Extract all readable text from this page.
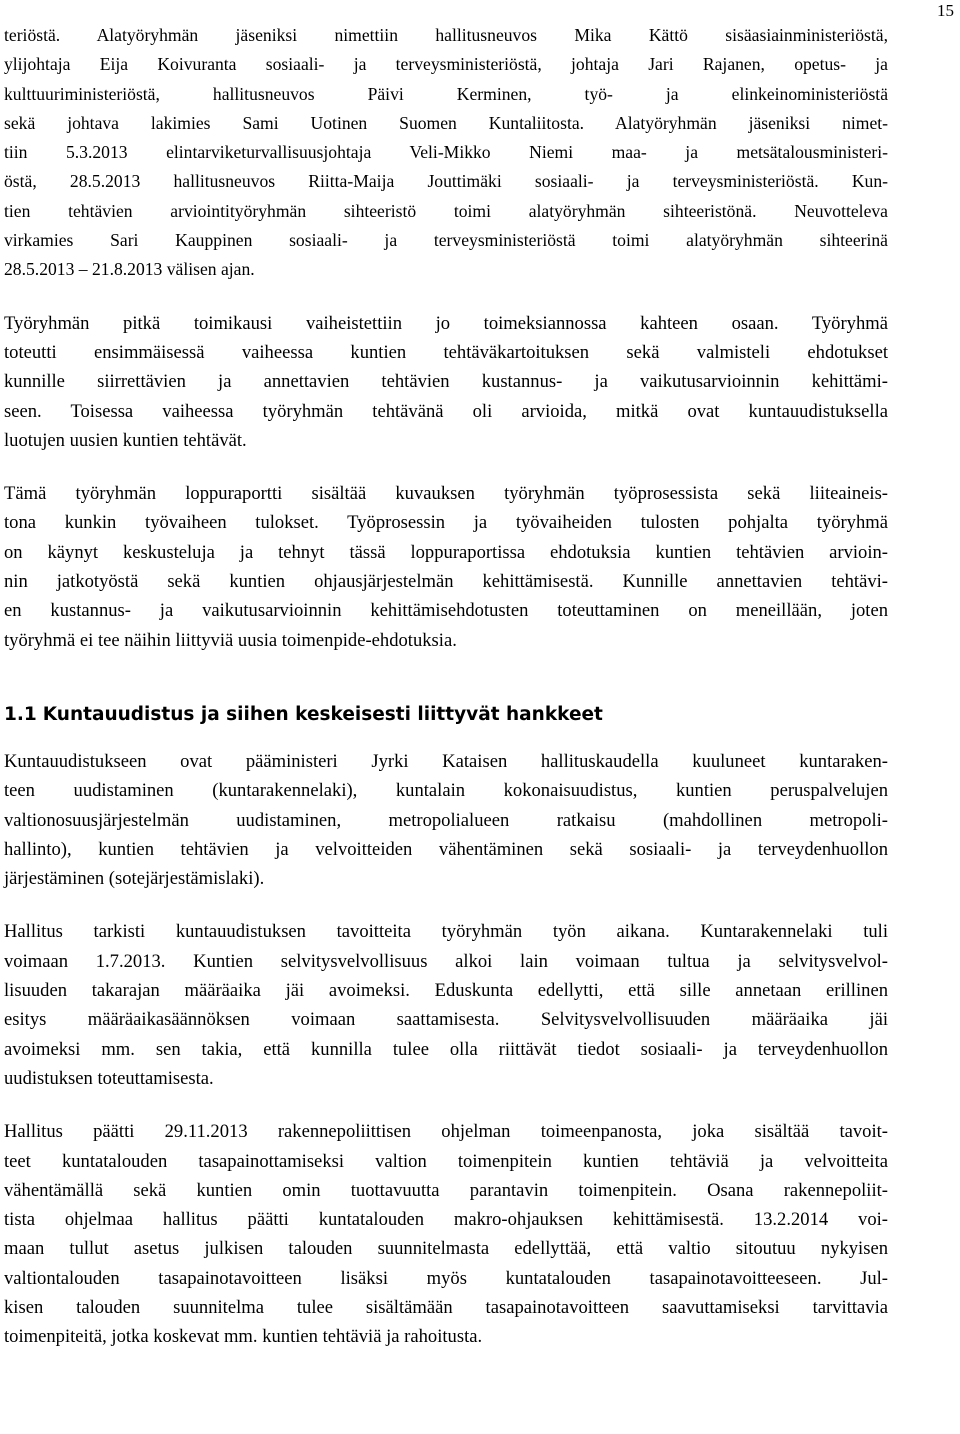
15

teriöstä. Alatyöryhmän jäseniksi nimettiin hallitusneuvos Mika Kättö sisäasiainministeriöstä,
ylijohtaja Eija Koivuranta sosiaali- ja terveysministeriöstä, johtaja Jari Rajanen, opetus- ja
kulttuuriministeriöstä, hallitusneuvos Päivi Kerminen, työ- ja elinkeinoministeriöstä
sekä johtava lakimies Sami Uotinen Suomen Kuntaliitosta. Alatyöryhmän jäseniksi nimet-
tiin 5.3.2013 elintarviketurvallisuusjohtaja Veli-Mikko Niemi maa- ja metsätalousministeri-
östä, 28.5.2013 hallitusneuvos Riitta-Maija Jouttimäki sosiaali- ja terveysministeriöstä. Kun-
tien tehtävien arviointityöryhmän sihteeristö toimi alatyöryhmän sihteeristönä. Neuvotteleva
virkamies Sari Kauppinen sosiaali- ja terveysministeriöstä toimi alatyöryhmän sihteerinä
28.5.2013 – 21.8.2013 välisen ajan.

Työryhmän pitkä toimikausi vaiheistettiin jo toimeksiannossa kahteen osaan. Työryhmä
toteutti ensimmäisessä vaiheessa kuntien tehtäväkartoituksen sekä valmisteli ehdotukset
kunnille siirrettävien ja annettavien tehtävien kustannus- ja vaikutusarvioinnin kehittämi-
seen. Toisessa vaiheessa työryhmän tehtävänä oli arvioida, mitkä ovat kuntauudistuksella
luotujen uusien kuntien tehtävät.

Tämä työryhmän loppuraportti sisältää kuvauksen työryhmän työprosessista sekä liiteaineis-
tona kunkin työvaiheen tulokset. Työprosessin ja työvaiheiden tulosten pohjalta työryhmä
on käynyt keskusteluja ja tehnyt tässä loppuraportissa ehdotuksia kuntien tehtävien arvioin-
nin jatkotyöstä sekä kuntien ohjausjärjestelmän kehittämisestä. Kunnille annettavien tehtävi-
en kustannus- ja vaikutusarvioinnin kehittämisehdotusten toteuttaminen on meneillään, joten
työryhmä ei tee näihin liittyviä uusia toimenpide-ehdotuksia.

1.1 Kuntauudistus ja siihen keskeisesti liittyvät hankkeet

Kuntauudistukseen ovat pääministeri Jyrki Kataisen hallituskaudella kuuluneet kuntaraken-
teen uudistaminen (kuntarakennelaki), kuntalain kokonaisuudistus, kuntien peruspalvelujen
valtionosuusjärjestelmän uudistaminen, metropolialueen ratkaisu (mahdollinen metropoli-
hallinto), kuntien tehtävien ja velvoitteiden vähentäminen sekä sosiaali- ja terveydenhuollon
järjestäminen (sotejärjestämislaki).

Hallitus tarkisti kuntauudistuksen tavoitteita työryhmän työn aikana. Kuntarakennelaki tuli
voimaan 1.7.2013. Kuntien selvitysvelvollisuus alkoi lain voimaan tultua ja selvitysvelvol-
lisuuden takarajan määräaika jäi avoimeksi. Eduskunta edellytti, että sille annetaan erillinen
esitys määräaikasäännöksen voimaan saattamisesta. Selvitysvelvollisuuden määräaika jäi
avoimeksi mm. sen takia, että kunnilla tulee olla riittävät tiedot sosiaali- ja terveydenhuollon
uudistuksen toteuttamisesta.

Hallitus päätti 29.11.2013 rakennepoliittisen ohjelman toimeenpanosta, joka sisältää tavoit-
teet kuntatalouden tasapainottamiseksi valtion toimenpitein kuntien tehtäviä ja velvoitteita
vähentämällä sekä kuntien omin tuottavuutta parantavin toimenpitein. Osana rakennepoliit-
tista ohjelmaa hallitus päätti kuntatalouden makro-ohjauksen kehittämisestä. 13.2.2014 voi-
maan tullut asetus julkisen talouden suunnitelmasta edellyttää, että valtio sitoutuu nykyisen
valtiontalouden tasapainotavoitteen lisäksi myös kuntatalouden tasapainotavoitteeseen. Jul-
kisen talouden suunnitelma tulee sisältämään tasapainotavoitteen saavuttamiseksi tarvittavia
toimenpiteitä, jotka koskevat mm. kuntien tehtäviä ja rahoitusta.
